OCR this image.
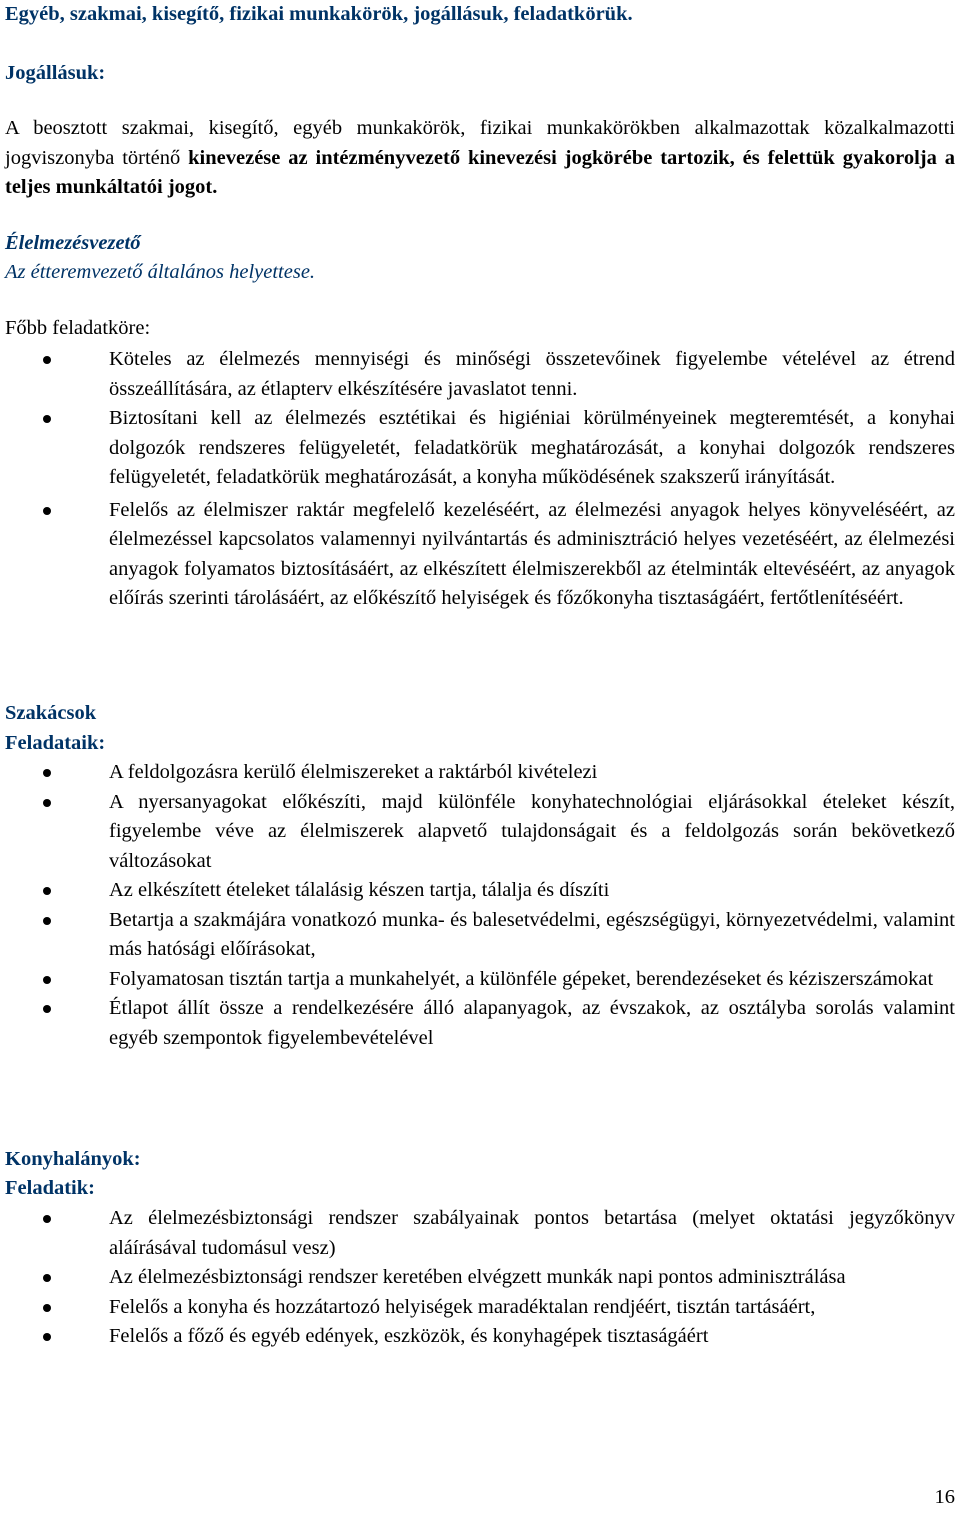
Egyéb, szakmai, kisegítő, fizikai munkakörök, jogállásuk, feladatkörük.
Jogállásuk:

A beosztott szakmai, kisegítő, egyéb munkakörök, fizikai munkakörökben alkalmazottak közalkalmazotti jogviszonyba történő kinevezése az intézményvezető kinevezési jogkörébe tartozik, és felettük gyakorolja a teljes munkáltatói jogot.

Élelmezésvezető
Az étteremvezető általános helyettese.
Főbb feladatköre:
Köteles az élelmezés mennyiségi és minőségi összetevőinek figyelembe vételével az étrend összeállítására, az étlapterv elkészítésére javaslatot tenni.
Biztosítani kell az élelmezés esztétikai és higiéniai körülményeinek megteremtését, a konyhai dolgozók rendszeres felügyeletét, feladatkörük meghatározását, a konyhai dolgozók rendszeres felügyeletét, feladatkörük meghatározását, a konyha működésének szakszerű irányítását.
Felelős az élelmiszer raktár megfelelő kezeléséért, az élelmezési anyagok helyes könyveléséért, az élelmezéssel kapcsolatos valamennyi nyilvántartás és adminisztráció helyes vezetéséért, az élelmezési anyagok folyamatos biztosításáért, az elkészített élelmiszerekből az ételminták eltevéséért, az anyagok előírás szerinti tárolásáért, az előkészítő helyiségek és főzőkonyha tisztaságáért, fertőtlenítéséért.
Szakácsok
Feladataik:
A feldolgozásra kerülő élelmiszereket a raktárból kivételezi
A nyersanyagokat előkészíti, majd különféle konyhatechnológiai eljárásokkal ételeket készít, figyelembe véve az élelmiszerek alapvető tulajdonságait és a feldolgozás során bekövetkező változásokat
Az elkészített ételeket tálalásig készen tartja, tálalja és díszíti
Betartja a szakmájára vonatkozó munka- és balesetvédelmi, egészségügyi, környezetvédelmi, valamint más hatósági előírásokat,
Folyamatosan tisztán tartja a munkahelyét, a különféle gépeket, berendezéseket és kéziszerszámokat
Étlapot állít össze a rendelkezésére álló alapanyagok, az évszakok, az osztályba sorolás valamint egyéb szempontok figyelembevételével
Konyhalányok:
Feladatik:
Az élelmezésbiztonsági rendszer szabályainak pontos betartása (melyet oktatási jegyzőkönyv aláírásával tudomásul vesz)
Az élelmezésbiztonsági rendszer keretében elvégzett munkák napi pontos adminisztrálása
Felelős a konyha és hozzátartozó helyiségek maradéktalan rendjéért, tisztán tartásáért,
Felelős a főző és egyéb edények, eszközök, és konyhagépek tisztaságáért
16
